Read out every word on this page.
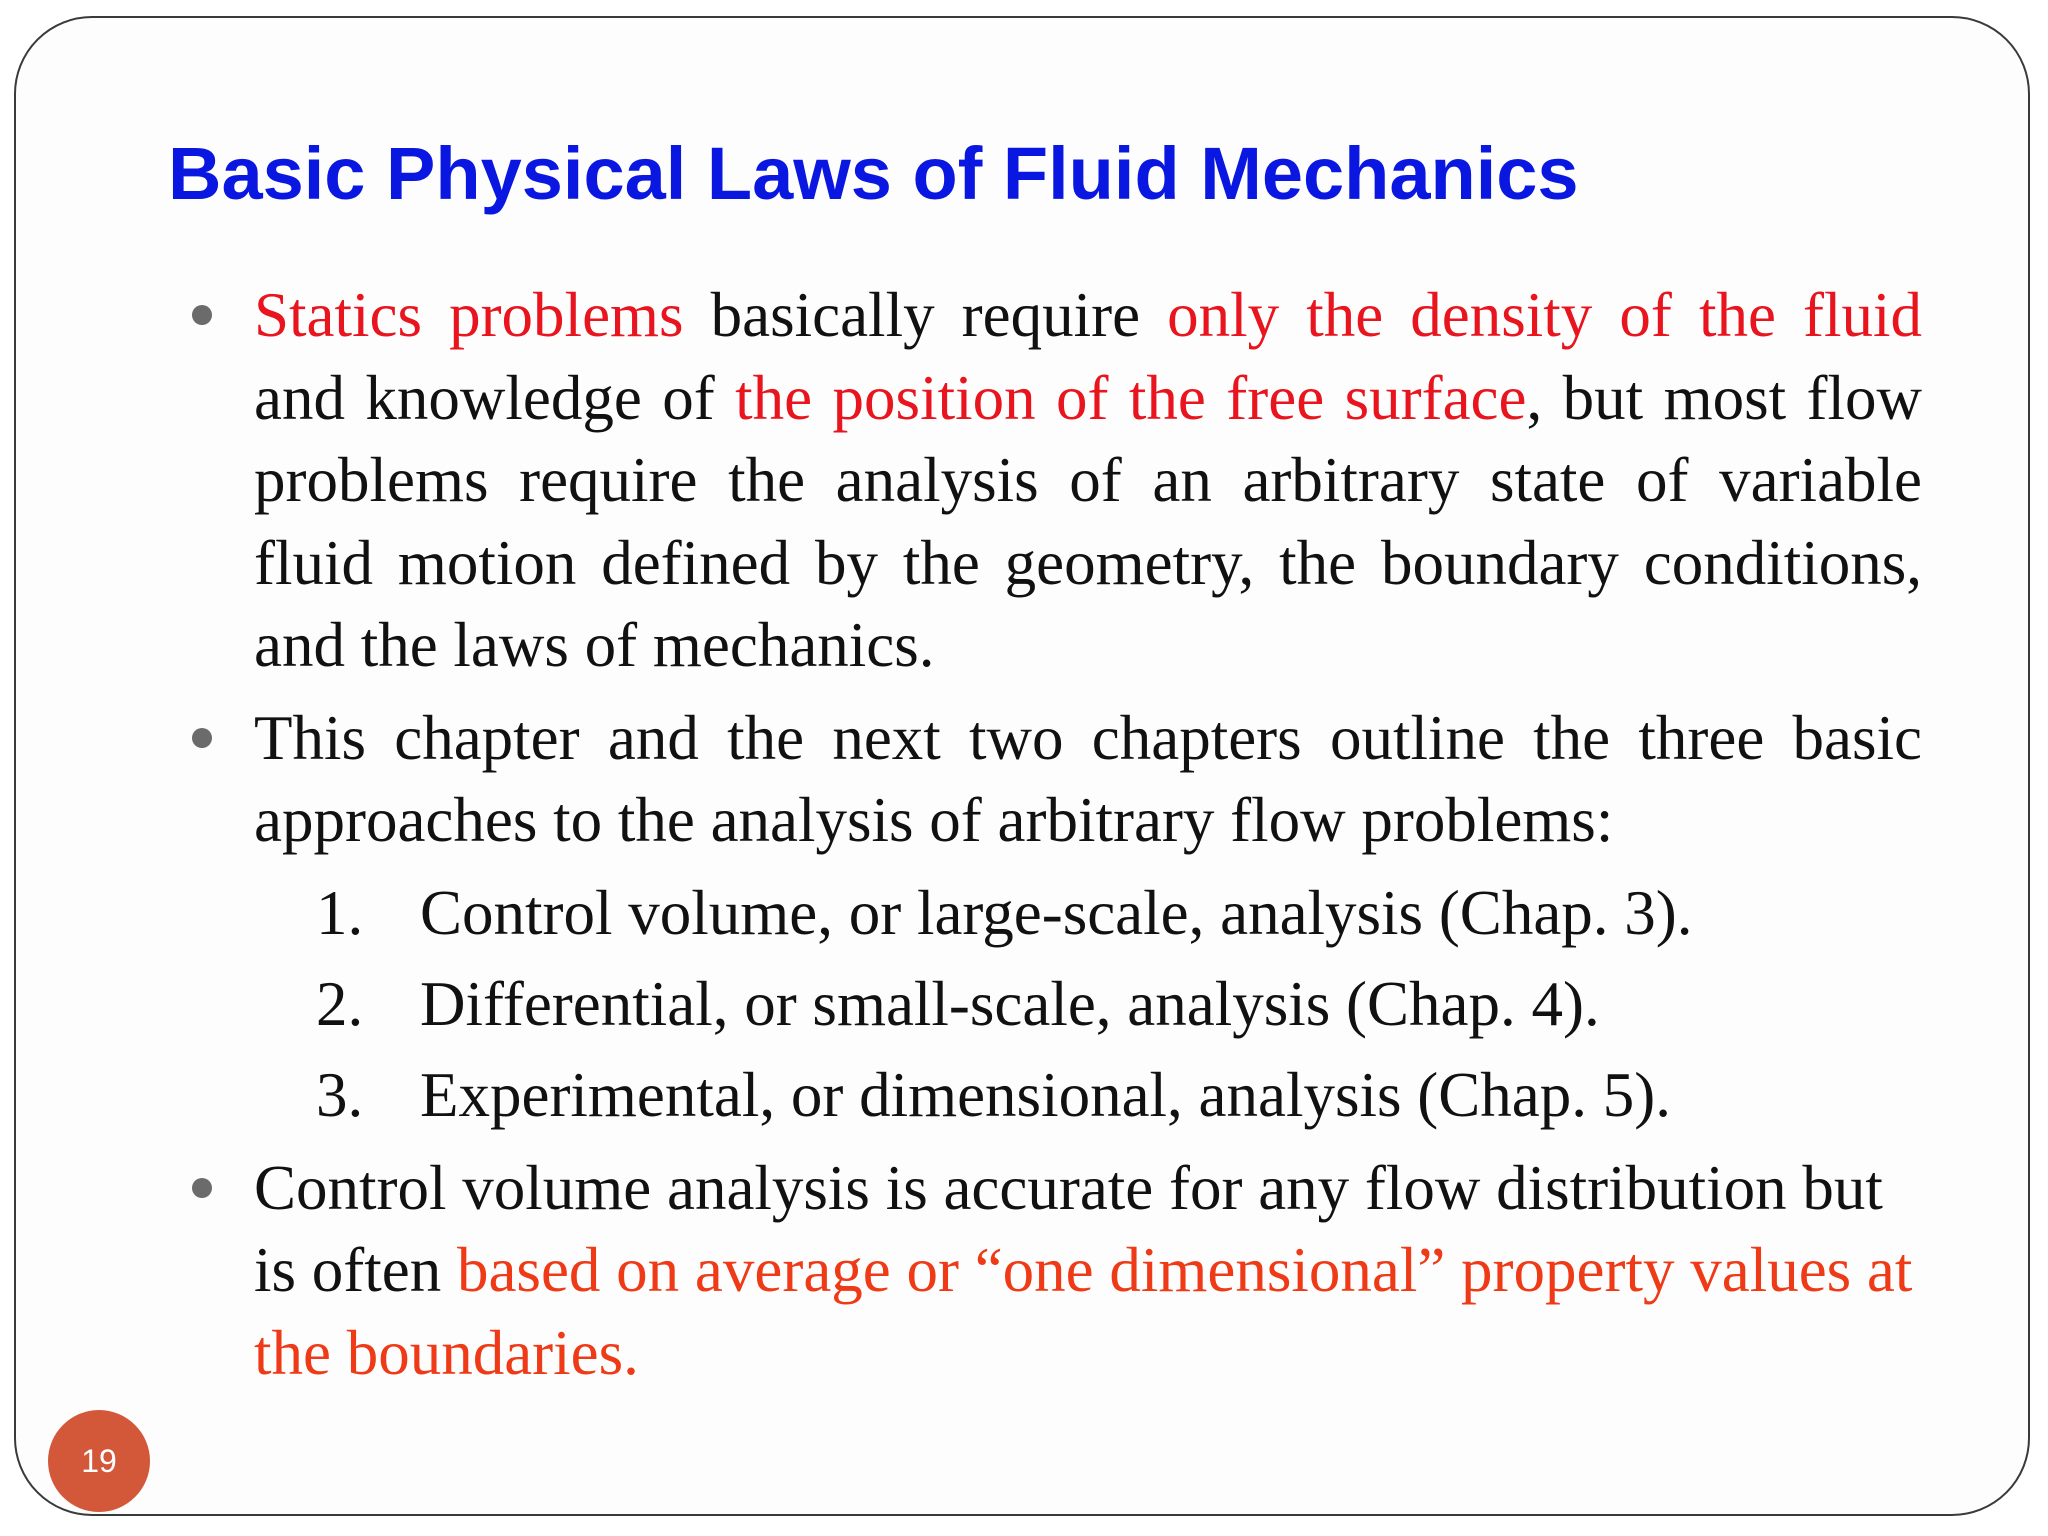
Basic Physical Laws of Fluid Mechanics

Statics problems basically require only the density of the fluid and knowledge of the position of the free surface, but most flow problems require the analysis of an arbitrary state of variable fluid motion defined by the geometry, the boundary conditions, and the laws of mechanics.

This chapter and the next two chapters outline the three basic approaches to the analysis of arbitrary flow problems:

1. Control volume, or large-scale, analysis (Chap. 3).
2. Differential, or small-scale, analysis (Chap. 4).
3. Experimental, or dimensional, analysis (Chap. 5).

Control volume analysis is accurate for any flow distribution but is often based on average or “one dimensional” property values at the boundaries.

19
